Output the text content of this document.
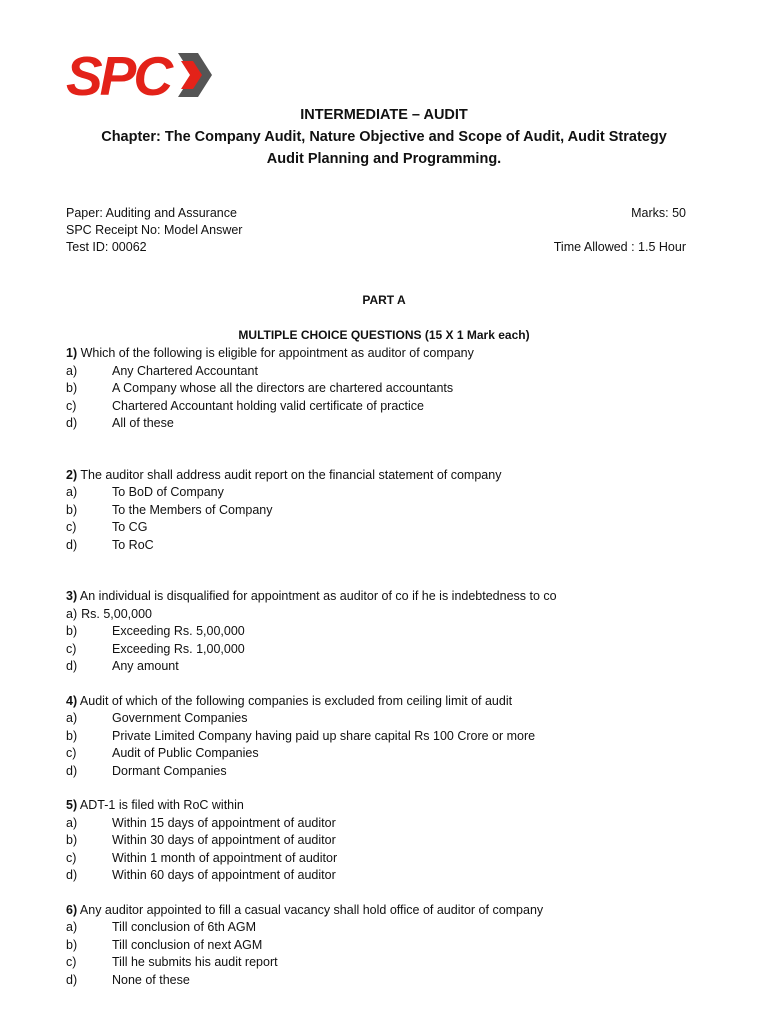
SPC
INTERMEDIATE – AUDIT
Chapter: The Company Audit, Nature Objective and Scope of Audit, Audit Strategy
Audit Planning and Programming.
Paper: Auditing and Assurance	Marks: 50
SPC Receipt No: Model Answer
Test ID: 00062	Time Allowed : 1.5 Hour
PART A
MULTIPLE CHOICE QUESTIONS (15 X 1 Mark each)
1) Which of the following is eligible for appointment as auditor of company
a)	Any Chartered Accountant
b)	A Company whose all the directors are chartered accountants
c)	Chartered Accountant holding valid certificate of practice
d)	All of these
2) The auditor shall address audit report on the financial statement of company
a)	To BoD of Company
b)	To the Members of Company
c)	To CG
d)	To RoC
3) An individual is disqualified for appointment as auditor of co if he is indebtedness to co
a) Rs. 5,00,000
b)	Exceeding Rs. 5,00,000
c)	Exceeding Rs. 1,00,000
d)	Any amount
4) Audit of which of the following companies is excluded from ceiling limit of audit
a)	Government Companies
b)	Private Limited Company having paid up share capital Rs 100 Crore or more
c)	Audit of Public Companies
d)	Dormant Companies
5) ADT-1 is filed with RoC within
a)	Within 15 days of appointment of auditor
b)	Within 30 days of appointment of auditor
c)	Within 1 month of appointment of auditor
d)	Within 60 days of appointment of auditor
6) Any auditor appointed to fill a casual vacancy shall hold office of auditor of company
a)	Till conclusion of 6th AGM
b)	Till conclusion of next AGM
c)	Till he submits his audit report
d)	None of these
